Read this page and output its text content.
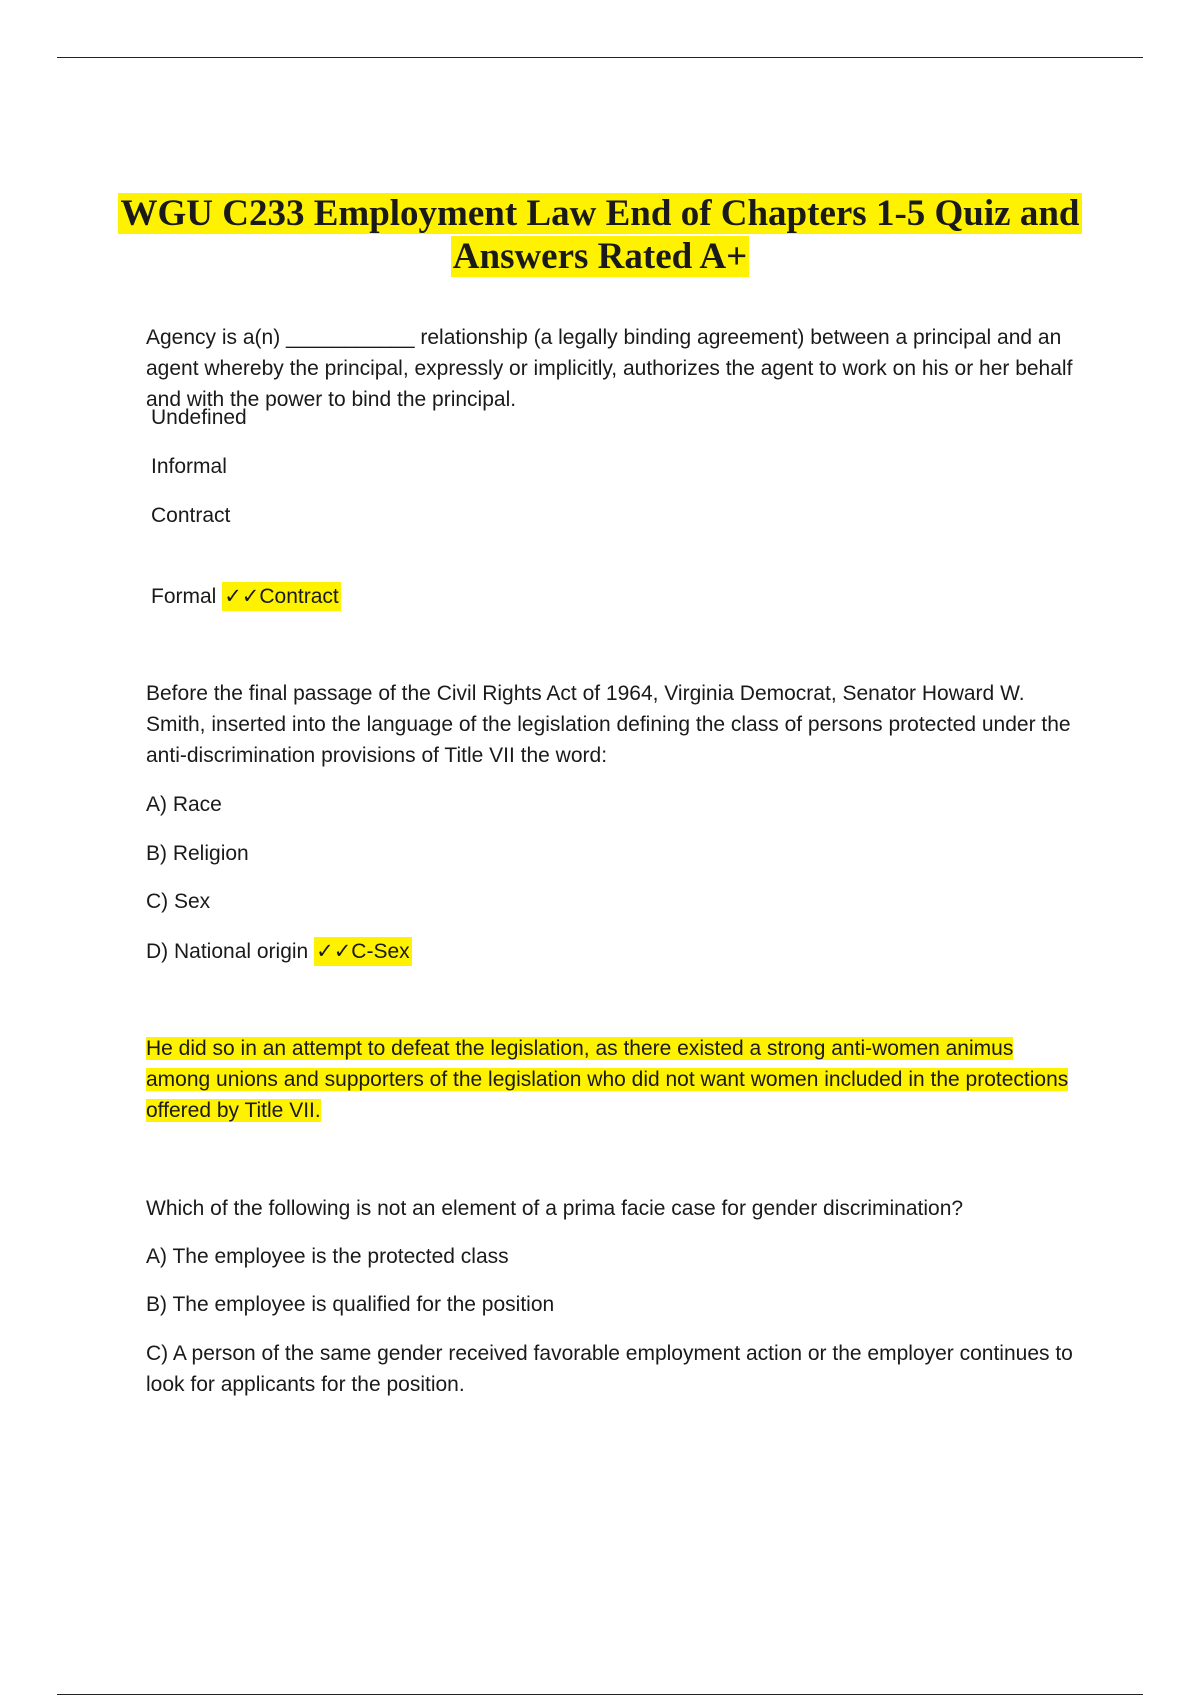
WGU C233 Employment Law End of Chapters 1-5 Quiz and Answers Rated A+

Agency is a(n) ___________ relationship (a legally binding agreement) between a principal and an agent whereby the principal, expressly or implicitly, authorizes the agent to work on his or her behalf and with the power to bind the principal.

Undefined

Informal

Contract

Formal ✓✓Contract

Before the final passage of the Civil Rights Act of 1964, Virginia Democrat, Senator Howard W. Smith, inserted into the language of the legislation defining the class of persons protected under the anti-discrimination provisions of Title VII the word:

A) Race

B) Religion

C) Sex

D) National origin ✓✓C-Sex

He did so in an attempt to defeat the legislation, as there existed a strong anti-women animus among unions and supporters of the legislation who did not want women included in the protections offered by Title VII.

Which of the following is not an element of a prima facie case for gender discrimination?

A) The employee is the protected class

B) The employee is qualified for the position

C) A person of the same gender received favorable employment action or the employer continues to look for applicants for the position.
